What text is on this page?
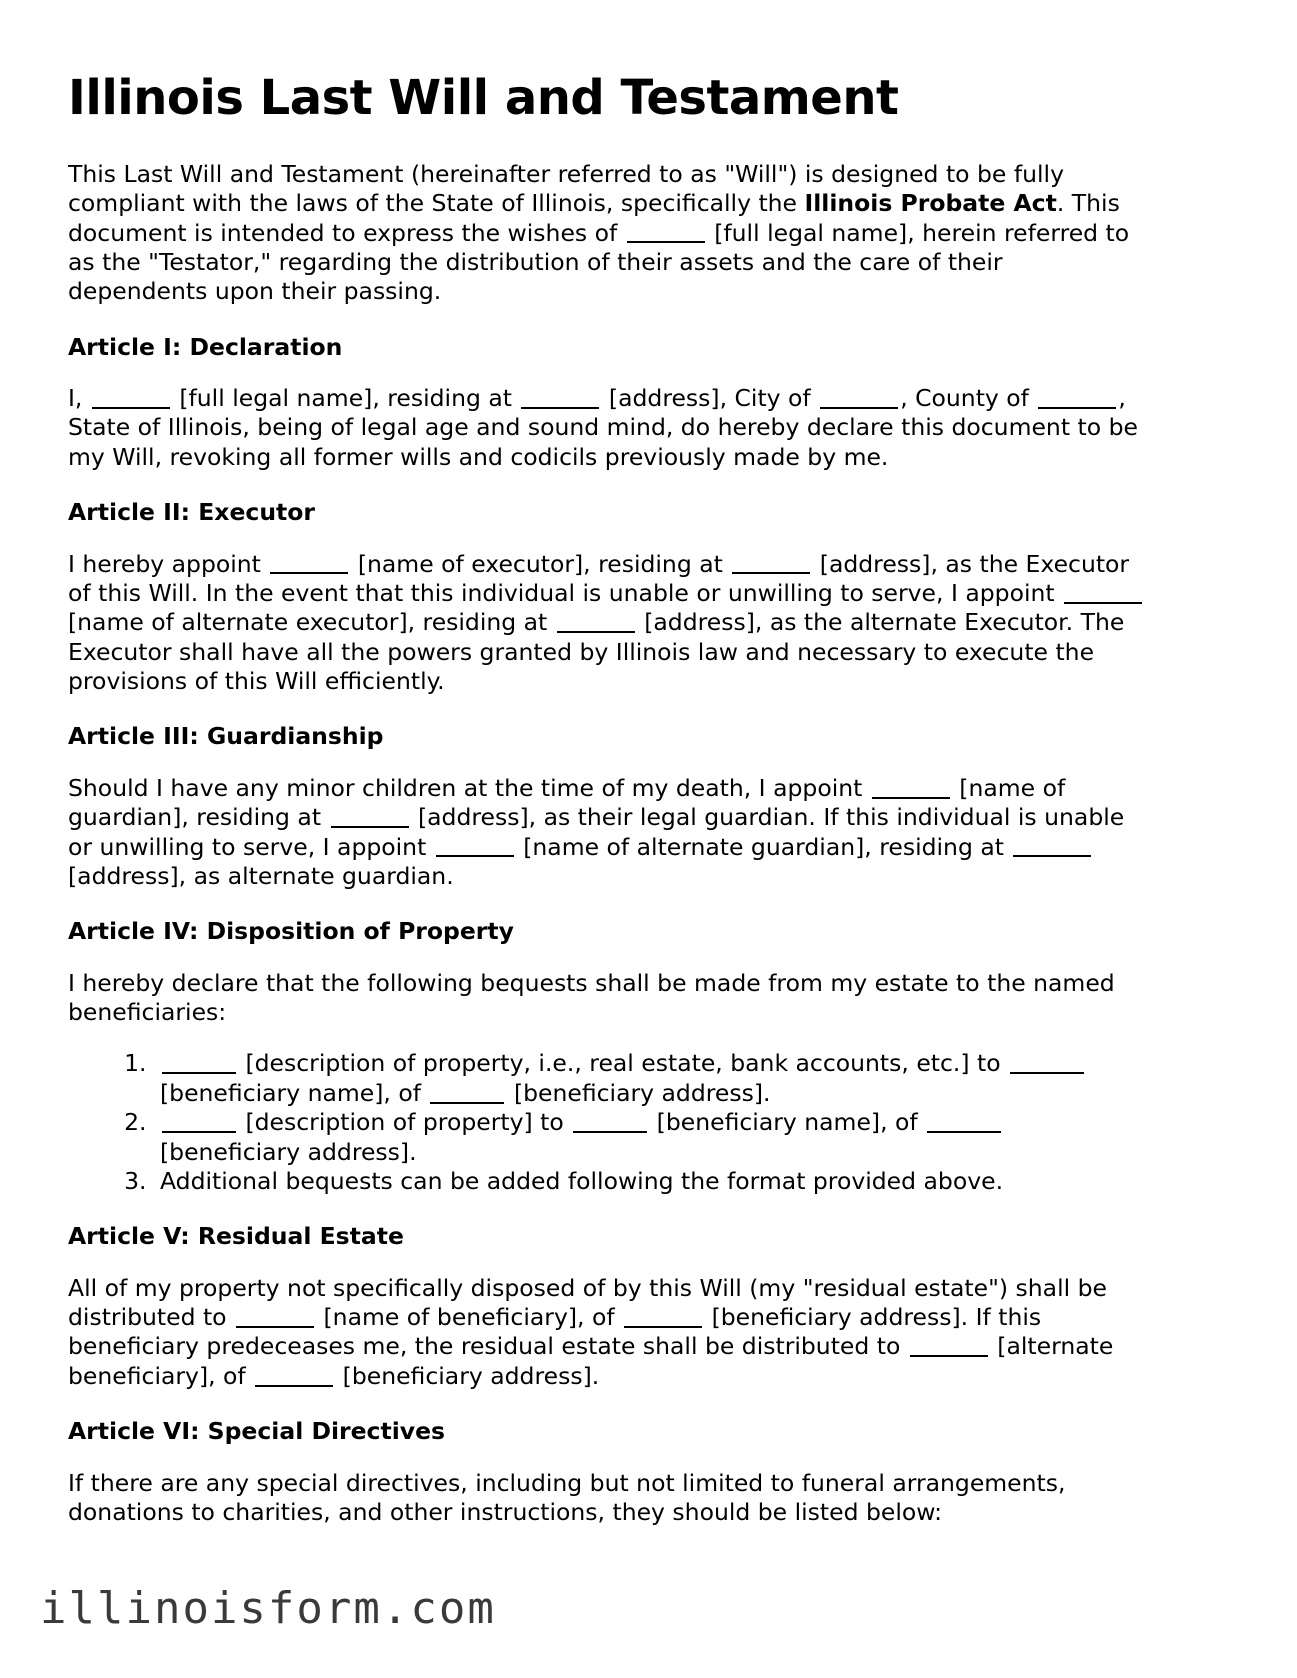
Illinois Last Will and Testament

This Last Will and Testament (hereinafter referred to as "Will") is designed to be fully compliant with the laws of the State of Illinois, specifically the Illinois Probate Act. This document is intended to express the wishes of	[full legal name], herein referred to as the "Testator," regarding the distribution of their assets and the care of their dependents upon their passing.

Article I: Declaration

I,	[full legal name], residing at	[address], City of	, County of	, State of Illinois, being of legal age and sound mind, do hereby declare this document to be my Will, revoking all former wills and codicils previously made by me.

Article II: Executor

I hereby appoint	[name of executor], residing at	[address], as the Executor of this Will. In the event that this individual is unable or unwilling to serve, I appoint  [name of alternate executor], residing at	[address], as the alternate Executor. The Executor shall have all the powers granted by Illinois law and necessary to execute the provisions of this Will efficiently.

Article III: Guardianship

Should I have any minor children at the time of my death, I appoint	[name of guardian], residing at	[address], as their legal guardian. If this individual is unable or unwilling to serve, I appoint	[name of alternate guardian], residing at  [address], as alternate guardian.

Article IV: Disposition of Property

I hereby declare that the following bequests shall be made from my estate to the named beneficiaries:

1. [description of property, i.e., real estate, bank accounts, etc.] to  [beneficiary name], of	[beneficiary address].
2. [description of property] to	[beneficiary name], of  [beneficiary address].
3. Additional bequests can be added following the format provided above.
Article V: Residual Estate

All of my property not specifically disposed of by this Will (my "residual estate") shall be distributed to	[name of beneficiary], of	[beneficiary address]. If this beneficiary predeceases me, the residual estate shall be distributed to	[alternate beneficiary], of	[beneficiary address].

Article VI: Special Directives

If there are any special directives, including but not limited to funeral arrangements, donations to charities, and other instructions, they should be listed below:

illinoisform.com
